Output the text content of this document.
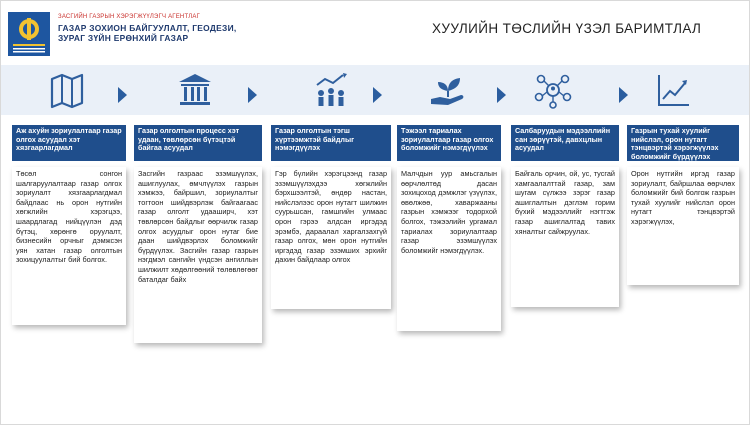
ЗАСГИЙН ГАЗРЫН ХЭРЭГЖҮҮЛЭГЧ АГЕНТЛАГ
ГАЗАР ЗОХИОН БАЙГУУЛАЛТ, ГЕОДЕЗИ, ЗУРАГ ЗҮЙН ЕРӨНХИЙ ГАЗАР
ХУУЛИЙН ТӨСЛИЙН ҮЗЭЛ БАРИМТЛАЛ
Аж ахуйн зориулалтаар газар олгох асуудал хэт хязгаарлагдмал
Төсөл сонгон шалгаруулалтаар газар олгох зориулалт хязгаарлагдмал байдлаас нь орон нутгийн хөгжлийн хэрэгцээ, шаардлагад нийцүүлэн дэд бүтэц, хөрөнгө оруулалт, бизнесийн орчныг дэмжсэн уян хатан газар олголтын зохицуулалтыг бий болгох.
Газар олголтын процесс хэт удаан, төвлөрсөн бүтэцтэй байгаа асуудал
Засгийн газраас эзэмшүүлэх, ашиглуулах, өмчлүүлэх газрын хэмжээ, байршил, зориулалтыг тогтоон шийдвэрлэж байгаагаас газар олголт удааширч, хэт төвлөрсөн байдлыг өөрчилж газар олгох асуудлыг орон нутаг бие даан шийдвэрлэх боломжийг бүрдүүлэх. Засгийн газар газрын нэгдмэл сангийн үндсэн ангиллын шилжилт хөдөлгөөний төлөвлөгөөг баталдаг байх
Газар олголтын тэгш хүртээмжтэй байдлыг нэмэгдүүлэх
Гэр бүлийн хэрэгцээнд газар эзэмшүүлэхдээ хөгжлийн бэрхшээлтэй, өндөр настан, нийслэлээс орон нутагт шилжин суурьшсан, гамшгийн улмаас орон гэрээ алдсан иргэдэд эрэмбэ, дараалал харгалзахгүй газар олгох, мөн орон нутгийн иргэдэд газар эзэмших эрхийг дахин байдлаар олгох
Тэжээл тариалах зориулалтаар газар олгох боломжийг нэмэгдүүлэх
Малчдын уур амьсгалын өөрчлөлтөд дасан зохицоход дэмжлэг үзүүлэх, өвөлжөө, хаваржааны газрын хэмжээг тодорхой болгох, тэжээлийн ургамал тариалах зориулалтаар газар эзэмшүүлэх боломжийг нэмэгдүүлэх.
Салбаруудын мэдээллийн сан зөрүүтэй, давхцлын асуудал
Байгаль орчин, ой, ус, тусгай хамгаалалттай газар, зам шугам сүлжээ зэрэг газар ашиглалтын дэглэм горим бүхий мэдээллийг нэгтгэж газар ашиглалтад тавих хяналтыг сайжруулах.
Газрын тухай хуулийг нийслэл, орон нутагт тэнцвэртэй хэрэгжүүлэх боломжийг бүрдүүлэх
Орон нутгийн иргэд газар зориулалт, байршлаа өөрчлөх боломжийг бий болгож газрын тухай хуулийг нийслэл орон нутагт тэнцвэртэй хэрэгжүүлэх,
